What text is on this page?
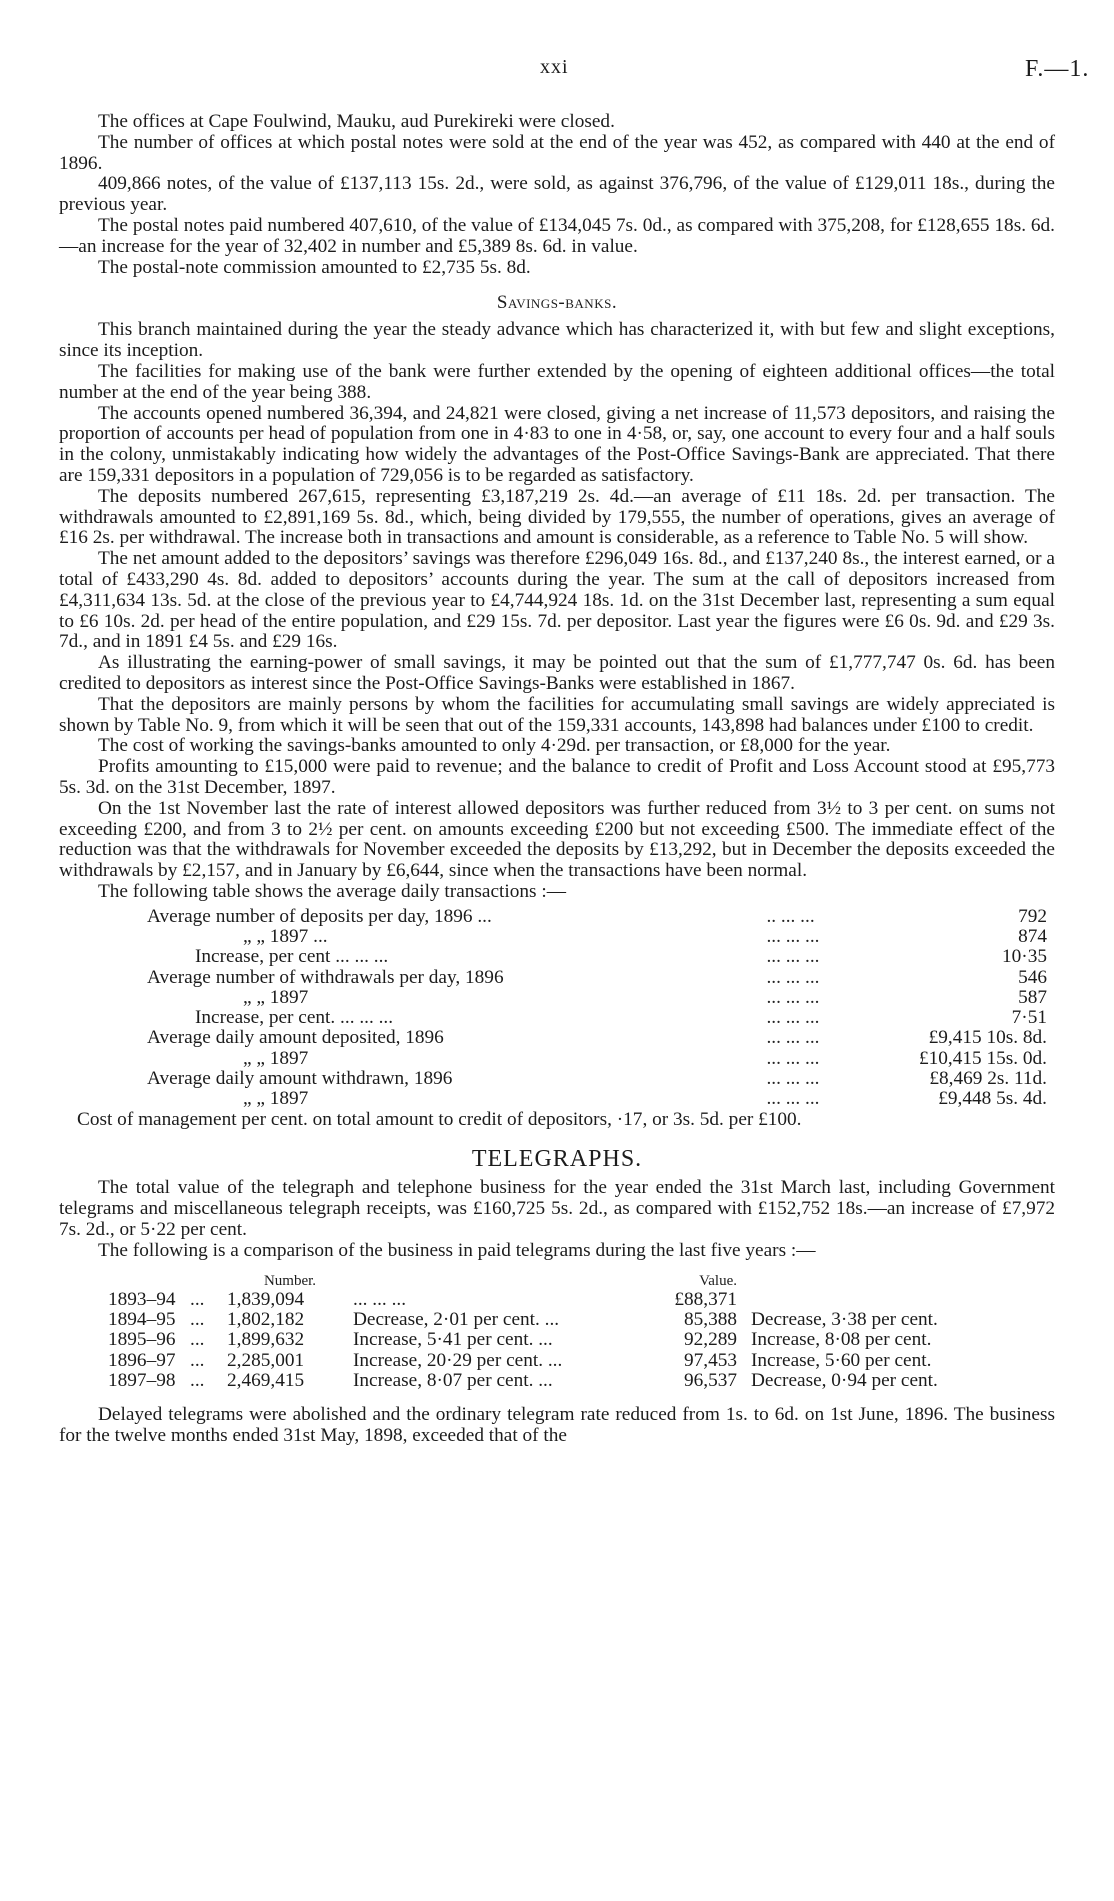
xxi	F.—1.

The offices at Cape Foulwind, Mauku, aud Purekireki were closed.

The number of offices at which postal notes were sold at the end of the year was 452, as compared with 440 at the end of 1896.

409,866 notes, of the value of £137,113 15s. 2d., were sold, as against 376,796, of the value of £129,011 18s., during the previous year.

The postal notes paid numbered 407,610, of the value of £134,045 7s. 0d., as compared with 375,208, for £128,655 18s. 6d.—an increase for the year of 32,402 in number and £5,389 8s. 6d. in value.

The postal-note commission amounted to £2,735 5s. 8d.

Savings-banks.

This branch maintained during the year the steady advance which has characterized it, with but few and slight exceptions, since its inception.

The facilities for making use of the bank were further extended by the opening of eighteen additional offices—the total number at the end of the year being 388.

The accounts opened numbered 36,394, and 24,821 were closed, giving a net increase of 11,573 depositors, and raising the proportion of accounts per head of population from one in 4·83 to one in 4·58, or, say, one account to every four and a half souls in the colony, unmistakably indicating how widely the advantages of the Post-Office Savings-Bank are appreciated. That there are 159,331 depositors in a population of 729,056 is to be regarded as satisfactory.

The deposits numbered 267,615, representing £3,187,219 2s. 4d.—an average of £11 18s. 2d. per transaction. The withdrawals amounted to £2,891,169 5s. 8d., which, being divided by 179,555, the number of operations, gives an average of £16 2s. per withdrawal. The increase both in transactions and amount is considerable, as a reference to Table No. 5 will show.

The net amount added to the depositors’ savings was therefore £296,049 16s. 8d., and £137,240 8s., the interest earned, or a total of £433,290 4s. 8d. added to depositors’ accounts during the year. The sum at the call of depositors increased from £4,311,634 13s. 5d. at the close of the previous year to £4,744,924 18s. 1d. on the 31st December last, representing a sum equal to £6 10s. 2d. per head of the entire population, and £29 15s. 7d. per depositor. Last year the figures were £6 0s. 9d. and £29 3s. 7d., and in 1891 £4 5s. and £29 16s.

As illustrating the earning-power of small savings, it may be pointed out that the sum of £1,777,747 0s. 6d. has been credited to depositors as interest since the Post-Office Savings-Banks were established in 1867.

That the depositors are mainly persons by whom the facilities for accumulating small savings are widely appreciated is shown by Table No. 9, from which it will be seen that out of the 159,331 accounts, 143,898 had balances under £100 to credit.

The cost of working the savings-banks amounted to only 4·29d. per transaction, or £8,000 for the year.

Profits amounting to £15,000 were paid to revenue; and the balance to credit of Profit and Loss Account stood at £95,773 5s. 3d. on the 31st December, 1897.

On the 1st November last the rate of interest allowed depositors was further reduced from 3½ to 3 per cent. on sums not exceeding £200, and from 3 to 2½ per cent. on amounts exceeding £200 but not exceeding £500. The immediate effect of the reduction was that the withdrawals for November exceeded the deposits by £13,292, but in December the deposits exceeded the withdrawals by £2,157, and in January by £6,644, since when the transactions have been normal.

The following table shows the average daily transactions :—

Average number of deposits per day, 1896 ...	.. ... ...	792
„ „ 1897 ...	... ... ...	874
Increase, per cent ... ... ...	... ... ...	10·35
Average number of withdrawals per day, 1896	... ... ...	546
„ „ 1897	... ... ...	587
Increase, per cent. ... ... ...	... ... ...	7·51
Average daily amount deposited, 1896	... ... ...	£9,415 10s. 8d.
„ „ 1897	... ... ...	£10,415 15s. 0d.
Average daily amount withdrawn, 1896	... ... ...	£8,469 2s. 11d.
„ „ 1897	... ... ...	£9,448 5s. 4d.

Cost of management per cent. on total amount to credit of depositors, ·17, or 3s. 5d. per £100.

TELEGRAPHS.

The total value of the telegraph and telephone business for the year ended the 31st March last, including Government telegrams and miscellaneous telegraph receipts, was £160,725 5s. 2d., as compared with £152,752 18s.—an increase of £7,972 7s. 2d., or 5·22 per cent.

The following is a comparison of the business in paid telegrams during the last five years :—

		Number.		Value.	
1893–94	...	1,839,094	... ... ...	£88,371	
1894–95	...	1,802,182	Decrease, 2·01 per cent. ...	85,388	Decrease, 3·38 per cent.
1895–96	...	1,899,632	Increase, 5·41 per cent. ...	92,289	Increase, 8·08 per cent.
1896–97	...	2,285,001	Increase, 20·29 per cent. ...	97,453	Increase, 5·60 per cent.
1897–98	...	2,469,415	Increase, 8·07 per cent. ...	96,537	Decrease, 0·94 per cent.

Delayed telegrams were abolished and the ordinary telegram rate reduced from 1s. to 6d. on 1st June, 1896. The business for the twelve months ended 31st May, 1898, exceeded that of the
